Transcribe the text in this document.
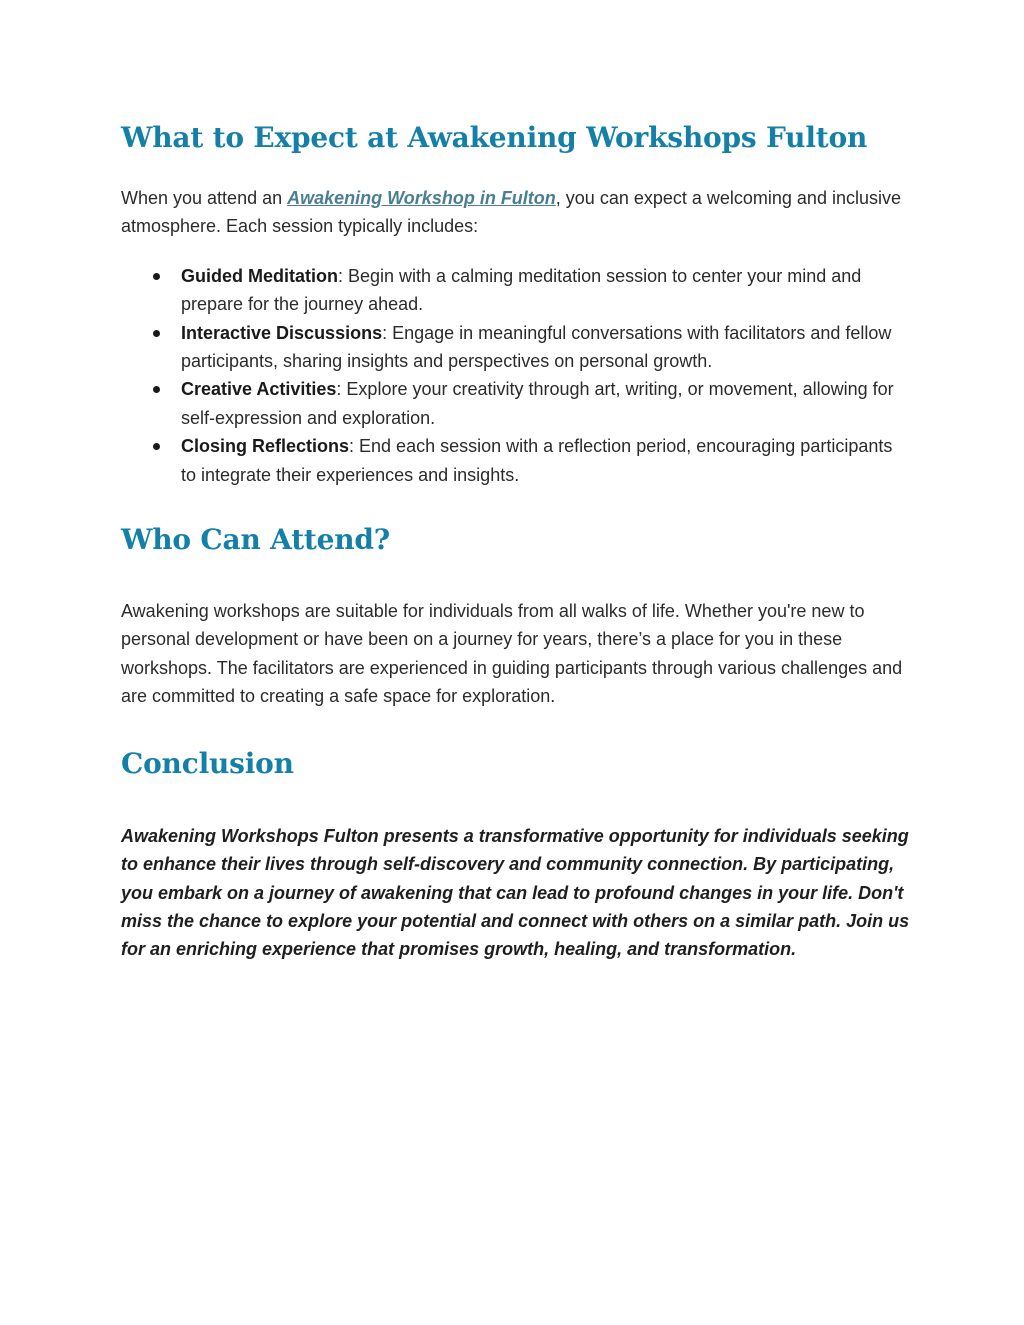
What to Expect at Awakening Workshops Fulton

When you attend an Awakening Workshop in Fulton, you can expect a welcoming and inclusive atmosphere. Each session typically includes:

Guided Meditation: Begin with a calming meditation session to center your mind and prepare for the journey ahead.
Interactive Discussions: Engage in meaningful conversations with facilitators and fellow participants, sharing insights and perspectives on personal growth.
Creative Activities: Explore your creativity through art, writing, or movement, allowing for self-expression and exploration.
Closing Reflections: End each session with a reflection period, encouraging participants to integrate their experiences and insights.
Who Can Attend?

Awakening workshops are suitable for individuals from all walks of life. Whether you're new to personal development or have been on a journey for years, there’s a place for you in these workshops. The facilitators are experienced in guiding participants through various challenges and are committed to creating a safe space for exploration.

Conclusion

Awakening Workshops Fulton presents a transformative opportunity for individuals seeking to enhance their lives through self-discovery and community connection. By participating, you embark on a journey of awakening that can lead to profound changes in your life. Don't miss the chance to explore your potential and connect with others on a similar path. Join us for an enriching experience that promises growth, healing, and transformation.
